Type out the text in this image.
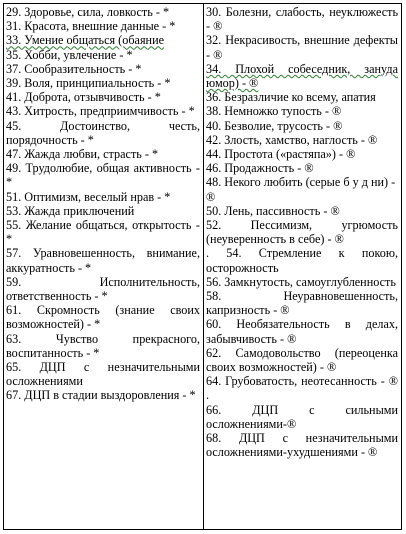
29. Здоровье, сила, ловкость - *
31. Красота, внешние данные - *
33. Умение общаться (обаяние
35. Хобби, увлечение - *
37. Сообразительность - *
39. Воля, принципиальность - *
41. Доброта, отзывчивость - *
43. Хитрость, предприимчивость - *
45. Достоинство, честь, порядочность - *
47. Жажда любви, страсть - *
49. Трудолюбие, общая активность - *
51. Оптимизм, веселый нрав - *
53. Жажда приключений
55. Желание общаться, открытость - *
57. Уравновешенность, внимание, аккуратность - *
59. Исполнительность, ответственность - *
61. Скромность (знание своих возможностей) - *
63. Чувство прекрасного, воспитанность - *
65. ДЦП с незначительными осложнениями
67. ДЦП в стадии выздоровления - *
30. Болезни, слабость, неуклюжесть - ®
32. Некрасивость, внешние дефекты - ®
34. Плохой собеседник, зануда юмор) - ®
36. Безразличие ко всему, апатия
38. Немножко тупость - ®
40. Безволие, трусость - ®
42. Злость, хамство, наглость - ®
44. Простота («растяпа») - ®
46. Продажность - ®
48. Некого любить (серые б у д ни) - ®
50. Лень, пассивность - ®
52. Пессимизм, угрюмость (неуверенность в себе) - ®
. 54. Стремление к покою, осторожность
56. Замкнутость, самоуглубленность
58. Неуравновешенность, капризность - ®
60. Необязательность в делах, забывчивость - ®
62. Самодовольство (переоценка своих возможностей) - ®
64. Грубоватость, неотесанность - ® .
66. ДЦП с сильными осложнениями-®
68. ДЦП с незначительными осложнениями-ухудшениями - ®
